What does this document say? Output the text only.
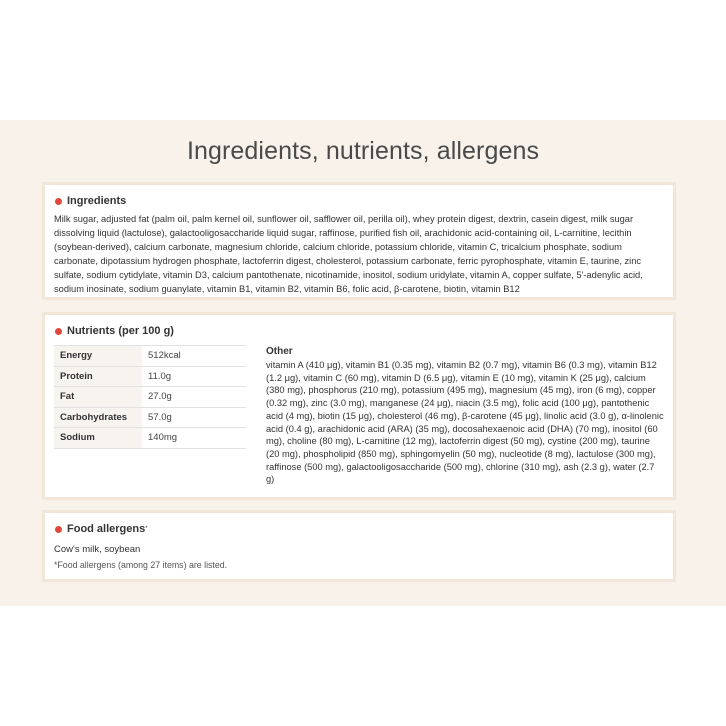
Ingredients, nutrients, allergens
Ingredients
Milk sugar, adjusted fat (palm oil, palm kernel oil, sunflower oil, safflower oil, perilla oil), whey protein digest, dextrin, casein digest, milk sugar dissolving liquid (lactulose), galactooligosaccharide liquid sugar, raffinose, purified fish oil, arachidonic acid-containing oil, L-carnitine, lecithin (soybean-derived), calcium carbonate, magnesium chloride, calcium chloride, potassium chloride, vitamin C, tricalcium phosphate, sodium carbonate, dipotassium hydrogen phosphate, lactoferrin digest, cholesterol, potassium carbonate, ferric pyrophosphate, vitamin E, taurine, zinc sulfate, sodium cytidylate, vitamin D3, calcium pantothenate, nicotinamide, inositol, sodium uridylate, vitamin A, copper sulfate, 5'-adenylic acid, sodium inosinate, sodium guanylate, vitamin B1, vitamin B2, vitamin B6, folic acid, β-carotene, biotin, vitamin B12
Nutrients (per 100 g)
Energy	512kcal
Protein	11.0g
Fat	27.0g
Carbohydrates	57.0g
Sodium	140mg
Other
vitamin A (410 μg), vitamin B1 (0.35 mg), vitamin B2 (0.7 mg), vitamin B6 (0.3 mg), vitamin B12 (1.2 μg), vitamin C (60 mg), vitamin D (6.5 μg), vitamin E (10 mg), vitamin K (25 μg), calcium (380 mg), phosphorus (210 mg), potassium (495 mg), magnesium (45 mg), iron (6 mg), copper (0.32 mg), zinc (3.0 mg), manganese (24 μg), niacin (3.5 mg), folic acid (100 μg), pantothenic acid (4 mg), biotin (15 μg), cholesterol (46 mg), β-carotene (45 μg), linolic acid (3.0 g), α-linolenic acid (0.4 g), arachidonic acid (ARA) (35 mg), docosahexaenoic acid (DHA) (70 mg), inositol (60 mg), choline (80 mg), L-carnitine (12 mg), lactoferrin digest (50 mg), cystine (200 mg), taurine (20 mg), phospholipid (850 mg), sphingomyelin (50 mg), nucleotide (8 mg), lactulose (300 mg), raffinose (500 mg), galactooligosaccharide (500 mg), chlorine (310 mg), ash (2.3 g), water (2.7 g)
Food allergens *
Cow's milk, soybean
*Food allergens (among 27 items) are listed.
